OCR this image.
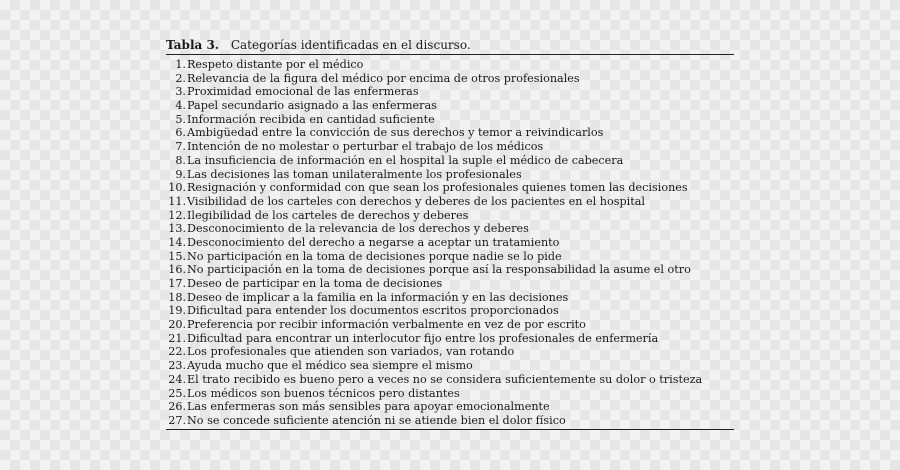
Tabla 3. Categorías identificadas en el discurso.
1. Respeto distante por el médico
2. Relevancia de la figura del médico por encima de otros profesionales
3. Proximidad emocional de las enfermeras
4. Papel secundario asignado a las enfermeras
5. Información recibida en cantidad suficiente
6. Ambigüedad entre la convicción de sus derechos y temor a reivindicarlos
7. Intención de no molestar o perturbar el trabajo de los médicos
8. La insuficiencia de información en el hospital la suple el médico de cabecera
9. Las decisiones las toman unilateralmente los profesionales
10. Resignación y conformidad con que sean los profesionales quienes tomen las decisiones
11. Visibilidad de los carteles con derechos y deberes de los pacientes en el hospital
12. Ilegibilidad de los carteles de derechos y deberes
13. Desconocimiento de la relevancia de los derechos y deberes
14. Desconocimiento del derecho a negarse a aceptar un tratamiento
15. No participación en la toma de decisiones porque nadie se lo pide
16. No participación en la toma de decisiones porque así la responsabilidad la asume el otro
17. Deseo de participar en la toma de decisiones
18. Deseo de implicar a la familia en la información y en las decisiones
19. Dificultad para entender los documentos escritos proporcionados
20. Preferencia por recibir información verbalmente en vez de por escrito
21. Dificultad para encontrar un interlocutor fijo entre los profesionales de enfermería
22. Los profesionales que atienden son variados, van rotando
23. Ayuda mucho que el médico sea siempre el mismo
24. El trato recibido es bueno pero a veces no se considera suficientemente su dolor o tristeza
25. Los médicos son buenos técnicos pero distantes
26. Las enfermeras son más sensibles para apoyar emocionalmente
27. No se concede suficiente atención ni se atiende bien el dolor físico
